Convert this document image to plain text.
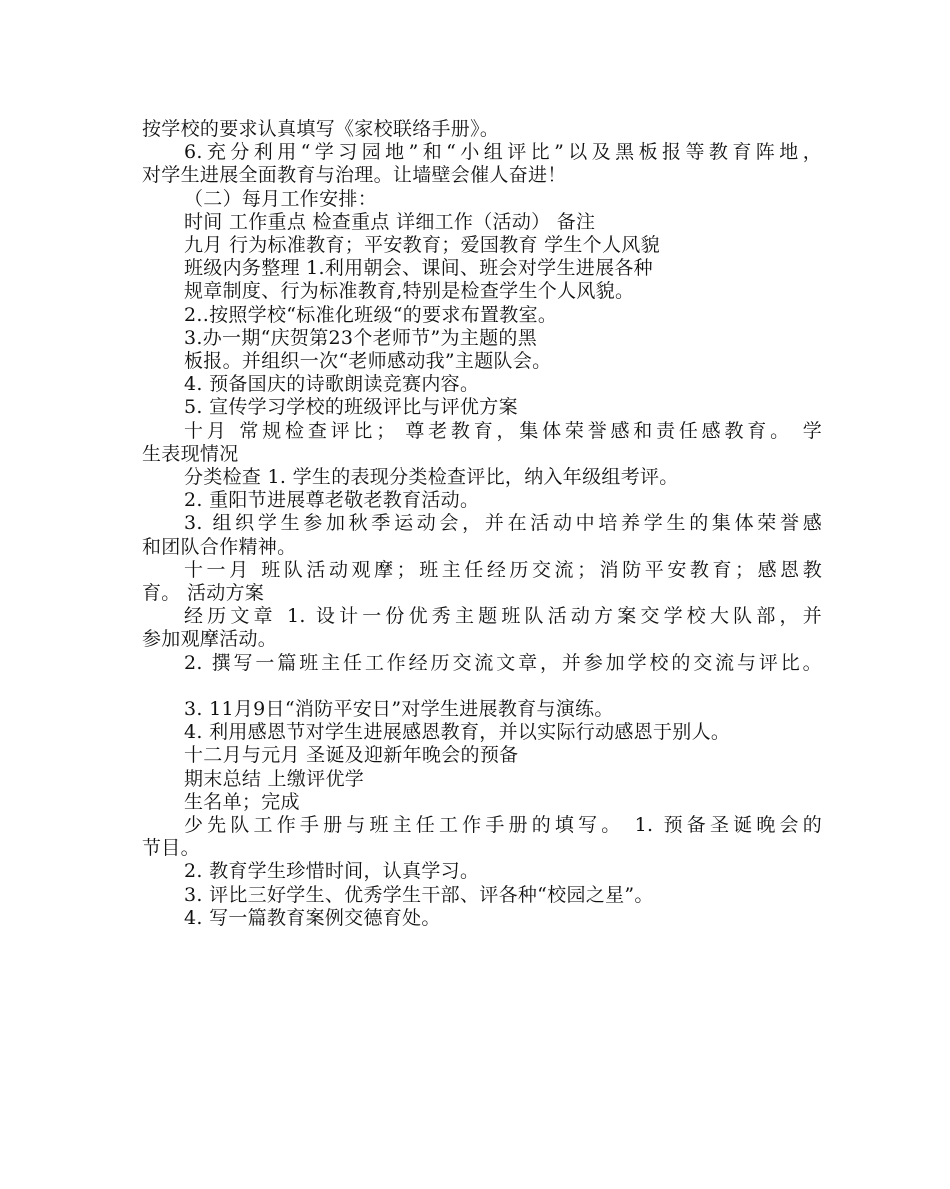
按学校的要求认真填写《家校联络手册》。
6.充分利用“学习园地”和“小组评比”以及黑板报等教育阵地，
对学生进展全面教育与治理。让墙壁会催人奋进！
（二）每月工作安排：
时间 工作重点 检查重点 详细工作（活动） 备注
九月 行为标准教育；平安教育；爱国教育 学生个人风貌
班级内务整理 1.利用朝会、课间、班会对学生进展各种
规章制度、行为标准教育,特别是检查学生个人风貌。
2..按照学校“标准化班级“的要求布置教室。
3.办一期“庆贺第23个老师节”为主题的黑
板报。并组织一次“老师感动我”主题队会。
4. 预备国庆的诗歌朗读竞赛内容。
5. 宣传学习学校的班级评比与评优方案
十月 常规检查评比； 尊老教育，集体荣誉感和责任感教育。 学
生表现情况
分类检查 1. 学生的表现分类检查评比，纳入年级组考评。
2. 重阳节进展尊老敬老教育活动。
3. 组织学生参加秋季运动会，并在活动中培养学生的集体荣誉感
和团队合作精神。
十一月 班队活动观摩；班主任经历交流；消防平安教育；感恩教
育。 活动方案
经历文章 1. 设计一份优秀主题班队活动方案交学校大队部，并
参加观摩活动。
2. 撰写一篇班主任工作经历交流文章，并参加学校的交流与评比。
3. 11月9日“消防平安日”对学生进展教育与演练。
4. 利用感恩节对学生进展感恩教育，并以实际行动感恩于别人。
十二月与元月 圣诞及迎新年晚会的预备
期末总结 上缴评优学
生名单；完成
少先队工作手册与班主任工作手册的填写。 1. 预备圣诞晚会的
节目。
2. 教育学生珍惜时间，认真学习。
3. 评比三好学生、优秀学生干部、评各种“校园之星”。
4. 写一篇教育案例交德育处。
